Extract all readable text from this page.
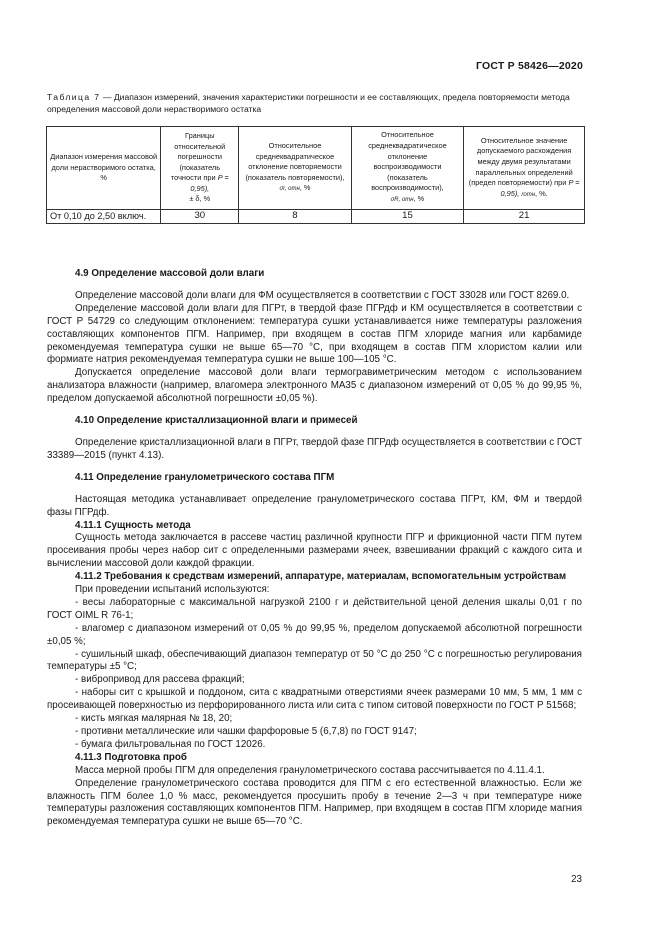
ГОСТ Р 58426—2020
Таблица 7 — Диапазон измерений, значения характеристики погрешности и ее составляющих, предела повторяемости метода определения массовой доли нерастворимого остатка
Диапазон измерения массовой доли нерастворимого остатка, %	Границы относительной погрешности (показатель точности при P = 0,95),
± δ, %	Относительное среднеквадратическое отклонение повторяемости (показатель повторяемости),
σr, отн, %	Относительное среднеквадратическое отклонение воспроизводимости (показатель воспроизводимости),
σR, отн, %	Относительное значение допускаемого расхождения между двумя результатами параллельных определений (предел повторяемости) при P = 0,95), rотн, %.
От 0,10 до 2,50 включ.	30	8	15	21
4.9 Определение массовой доли влаги

Определение массовой доли влаги для ФМ осуществляется в соответствии с ГОСТ 33028 или ГОСТ 8269.0.

Определение массовой доли влаги для ПГРт, в твердой фазе ПГРдф и КМ осуществляется в соответствии с ГОСТ Р 54729 со следующим отклонением: температура сушки устанавливается ниже температуры разложения составляющих компонентов ПГМ. Например, при входящем в состав ПГМ хлориде магния или карбамиде рекомендуемая температура сушки не выше 65—70 °С, при входящем в состав ПГМ хлористом калии или формиате натрия рекомендуемая температура сушки не выше 100—105 °С.

Допускается определение массовой доли влаги термогравиметрическим методом с использованием анализатора влажности (например, влагомера электронного МА35 с диапазоном измерений от 0,05 % до 99,95 %, пределом допускаемой абсолютной погрешности ±0,05 %).

4.10 Определение кристаллизационной влаги и примесей

Определение кристаллизационной влаги в ПГРт, твердой фазе ПГРдф осуществляется в соответствии с ГОСТ 33389—2015 (пункт 4.13).

4.11 Определение гранулометрического состава ПГМ

Настоящая методика устанавливает определение гранулометрического состава ПГРт, КМ, ФМ и твердой фазы ПГРдф.

4.11.1 Сущность метода

Сущность метода заключается в рассеве частиц различной крупности ПГР и фрикционной части ПГМ путем просеивания пробы через набор сит с определенными размерами ячеек, взвешивании фракций с каждого сита и вычислении массовой доли каждой фракции.

4.11.2 Требования к средствам измерений, аппаратуре, материалам, вспомогательным устройствам

При проведении испытаний используются:

- весы лабораторные с максимальной нагрузкой 2100 г и действительной ценой деления шкалы 0,01 г по ГОСТ OIML R 76-1;

- влагомер с диапазоном измерений от 0,05 % до 99,95 %, пределом допускаемой абсолютной погрешности ±0,05 %;

- сушильный шкаф, обеспечивающий диапазон температур от 50 °С до 250 °С с погрешностью регулирования температуры ±5 °С;

- вибропривод для рассева фракций;

- наборы сит с крышкой и поддоном, сита с квадратными отверстиями ячеек размерами 10 мм, 5 мм, 1 мм с просеивающей поверхностью из перфорированного листа или сита с типом ситовой поверхности по ГОСТ Р 51568;

- кисть мягкая малярная № 18, 20;

- противни металлические или чашки фарфоровые 5 (6,7,8) по ГОСТ 9147;

- бумага фильтровальная по ГОСТ 12026.

4.11.3 Подготовка проб

Масса мерной пробы ПГМ для определения гранулометрического состава рассчитывается по 4.11.4.1.

Определение гранулометрического состава проводится для ПГМ с его естественной влажностью. Если же влажность ПГМ более 1,0 % масс, рекомендуется просушить пробу в течение 2—3 ч при температуре ниже температуры разложения составляющих компонентов ПГМ. Например, при входящем в состав ПГМ хлориде магния рекомендуемая температура сушки не выше 65—70 °С.

23
